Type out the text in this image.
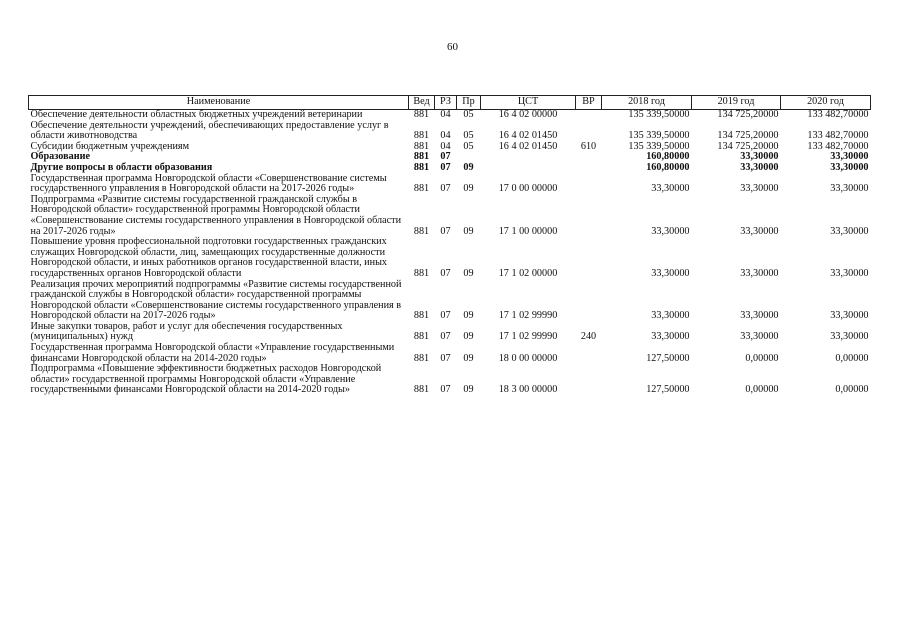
60
Наименование	Вед	РЗ	Пр	ЦСТ	ВР	2018 год	2019 год	2020 год
Обеспечение деятельности областных бюджетных учреждений ветеринарии	881	04	05	16 4 02 00000		135 339,50000	134 725,20000	133 482,70000
Обеспечение деятельности учреждений, обеспечивающих предоставление услуг в области животноводства	881	04	05	16 4 02 01450		135 339,50000	134 725,20000	133 482,70000
Субсидии бюджетным учреждениям	881	04	05	16 4 02 01450	610	135 339,50000	134 725,20000	133 482,70000
Образование	881	07				160,80000	33,30000	33,30000
Другие вопросы в области образования	881	07	09			160,80000	33,30000	33,30000
Государственная программа Новгородской области «Совершенствование системы государственного управления в Новгородской области на 2017-2026 годы»	881	07	09	17 0 00 00000		33,30000	33,30000	33,30000
Подпрограмма «Развитие системы государственной гражданской службы в Новгородской области» государственной программы Новгородской области «Совершенствование системы государственного управления в Новгородской области на 2017-2026 годы»	881	07	09	17 1 00 00000		33,30000	33,30000	33,30000
Повышение уровня профессиональной подготовки государственных гражданских служащих Новгородской области, лиц, замещающих государственные должности Новгородской области, и иных работников органов государственной власти, иных государственных органов Новгородской области	881	07	09	17 1 02 00000		33,30000	33,30000	33,30000
Реализация прочих мероприятий подпрограммы «Развитие системы государственной гражданской службы в Новгородской области» государственной программы Новгородской области «Совершенствование системы государственного управления в Новгородской области на 2017-2026 годы»	881	07	09	17 1 02 99990		33,30000	33,30000	33,30000
Иные закупки товаров, работ и услуг для обеспечения государственных (муниципальных) нужд	881	07	09	17 1 02 99990	240	33,30000	33,30000	33,30000
Государственная программа Новгородской области «Управление государственными финансами Новгородской области на 2014-2020 годы»	881	07	09	18 0 00 00000		127,50000	0,00000	0,00000
Подпрограмма «Повышение эффективности бюджетных расходов Новгородской области» государственной программы Новгородской области «Управление государственными финансами Новгородской области на 2014-2020 годы»	881	07	09	18 3 00 00000		127,50000	0,00000	0,00000
